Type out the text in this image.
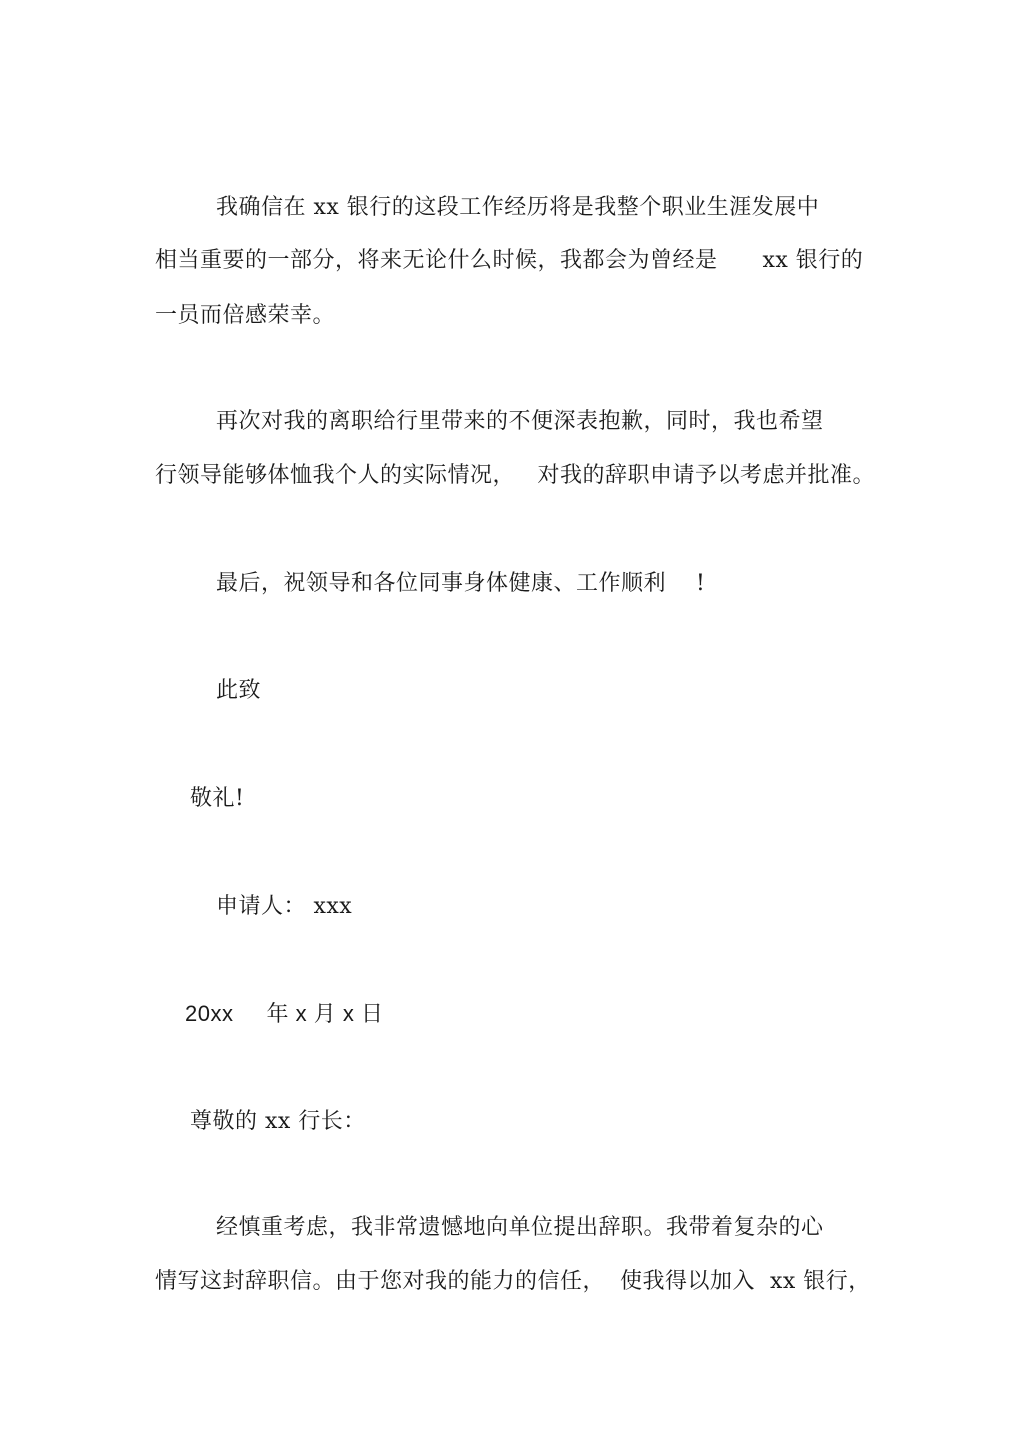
我确信在 xx 银行的这段工作经历将是我整个职业生涯发展中
相当重要的一部分，将来无论什么时候，我都会为曾经是      xx 银行的
一员而倍感荣幸。
再次对我的离职给行里带来的不便深表抱歉，同时，我也希望
行领导能够体恤我个人的实际情况，   对我的辞职申请予以考虑并批准。
最后，祝领导和各位同事身体健康、工作顺利    !
此致
敬礼!
申请人： xxx
20xx     年 x 月 x 日
尊敬的 xx 行长：
经慎重考虑，我非常遗憾地向单位提出辞职。我带着复杂的心
情写这封辞职信。由于您对我的能力的信任，  使我得以加入  xx 银行，
